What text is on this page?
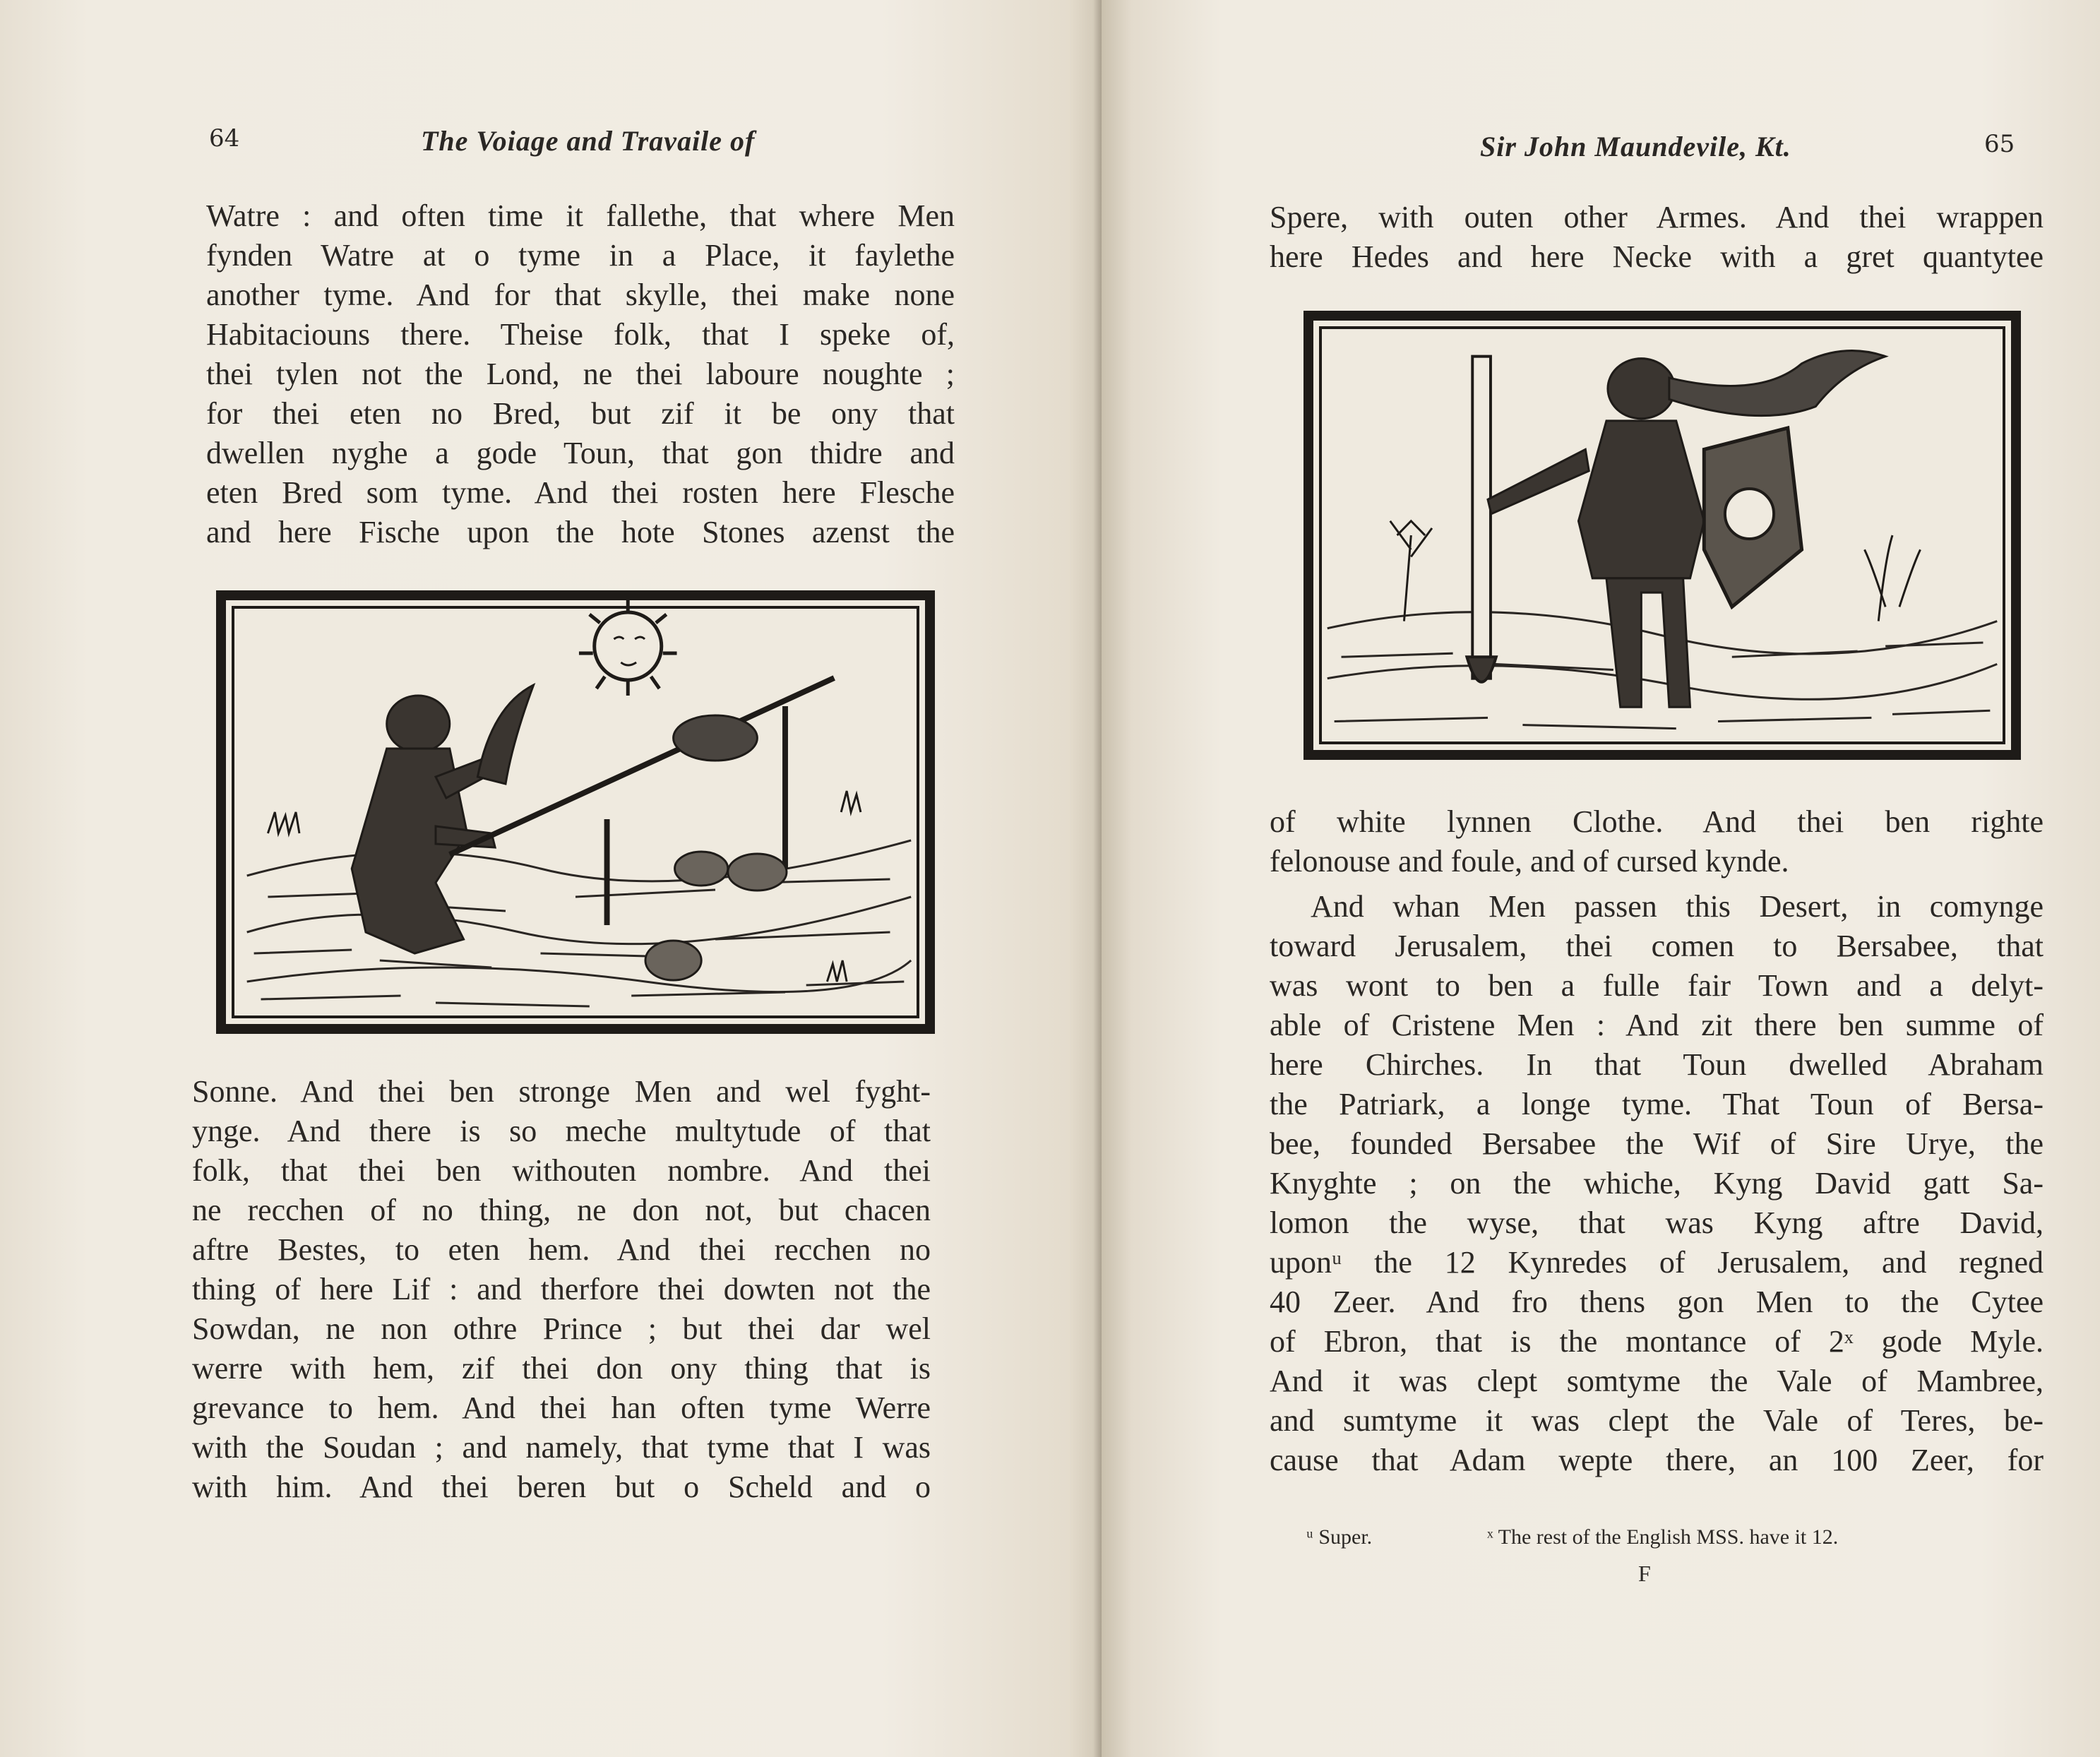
64	The Voiage and Travaile of
Watre : and often time it fallethe, that where Men
fynden Watre at o tyme in a Place, it faylethe
another tyme. And for that skylle, thei make none
Habitaciouns there. Theise folk, that I speke of,
thei tylen not the Lond, ne thei laboure noughte ;
for thei eten no Bred, but zif it be ony that
dwellen nyghe a gode Toun, that gon thidre and
eten Bred som tyme. And thei rosten here Flesche
and here Fische upon the hote Stones azenst the
Sonne. And thei ben stronge Men and wel fyght-
ynge. And there is so meche multytude of that
folk, that thei ben withouten nombre. And thei
ne recchen of no thing, ne don not, but chacen
aftre Bestes, to eten hem. And thei recchen no
thing of here Lif : and therfore thei dowten not the
Sowdan, ne non othre Prince ; but thei dar wel
werre with hem, zif thei don ony thing that is
grevance to hem. And thei han often tyme Werre
with the Soudan ; and namely, that tyme that I was
with him. And thei beren but o Scheld and o
Sir John Maundevile, Kt.	65
Spere, with outen other Armes. And thei wrappen
here Hedes and here Necke with a gret quantytee
of white lynnen Clothe. And thei ben righte
felonouse and foule, and of cursed kynde.
And whan Men passen this Desert, in comynge
toward Jerusalem, thei comen to Bersabee, that
was wont to ben a fulle fair Town and a delyt-
able of Cristene Men : And zit there ben summe of
here Chirches. In that Toun dwelled Abraham
the Patriark, a longe tyme. That Toun of Bersa-
bee, founded Bersabee the Wif of Sire Urye, the
Knyghte ; on the whiche, Kyng David gatt Sa-
lomon the wyse, that was Kyng aftre David,
uponᵘ the 12 Kynredes of Jerusalem, and regned
40 Zeer. And fro thens gon Men to the Cytee
of Ebron, that is the montance of 2ˣ gode Myle.
And it was clept somtyme the Vale of Mambree,
and sumtyme it was clept the Vale of Teres, be-
cause that Adam wepte there, an 100 Zeer, for
ᵘ Super.	ˣ The rest of the English MSS. have it 12.
F
